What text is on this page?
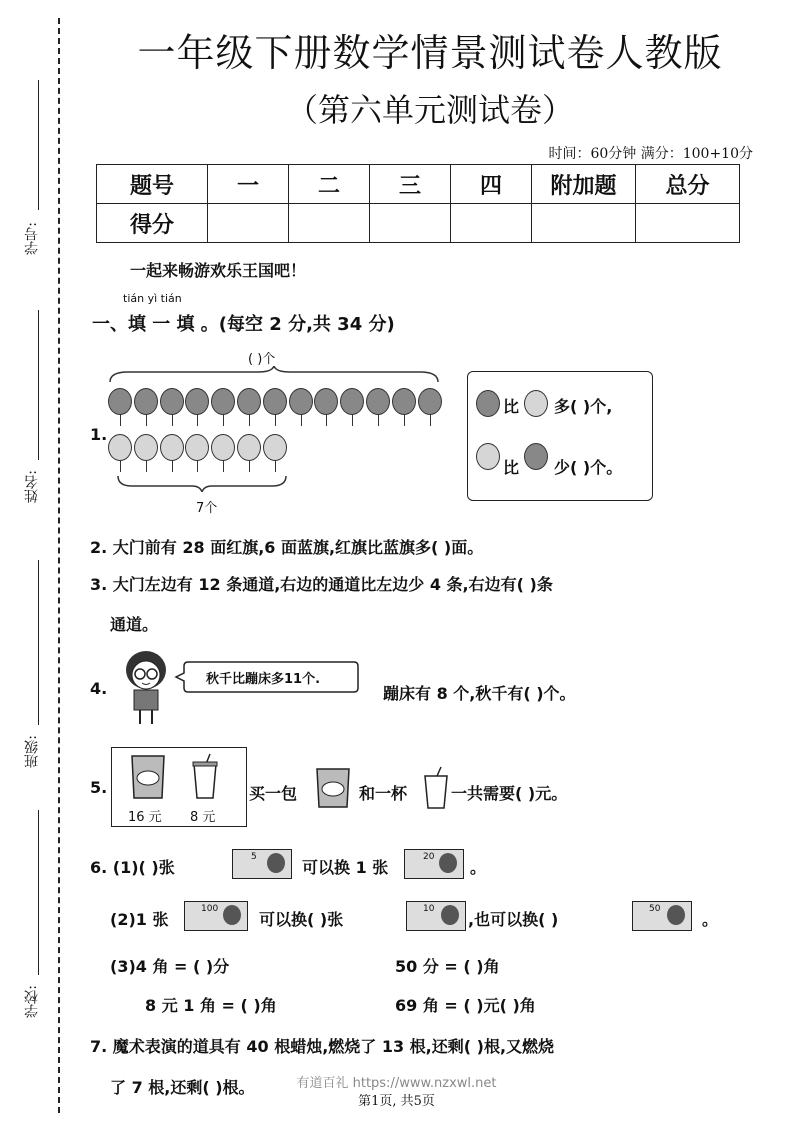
学号:
姓名:
班级:
学校:
一年级下册数学情景测试卷人教版
（第六单元测试卷）
时间：60分钟 满分：100+10分
题号	一	二	三	四	附加题	总分
得分						
一起来畅游欢乐王国吧！
tián yì tián
一、填 一 填 。(每空 2 分,共 34 分)
1.
( )个
7个
比 多( )个,
比 少( )个。
2. 大门前有 28 面红旗,6 面蓝旗,红旗比蓝旗多( )面。
3. 大门左边有 12 条通道,右边的通道比左边少 4 条,右边有( )条
通道。
4.	秋千比蹦床多11个.
蹦床有 8 个,秋千有( )个。
5.
16 元 8 元
买一包	和一杯	一共需要( )元。
6. (1)( )张
5
可以换 1 张
20
。
(2)1 张
100
可以换( )张
10
,也可以换( )
50
。
(3)4 角 = ( )分	50 分 = ( )角
8 元 1 角 = ( )角	69 角 = ( )元( )角
7. 魔术表演的道具有 40 根蜡烛,燃烧了 13 根,还剩( )根,又燃烧
了 7 根,还剩( )根。	有道百礼 https://www.nzxwl.net
第1页, 共5页
